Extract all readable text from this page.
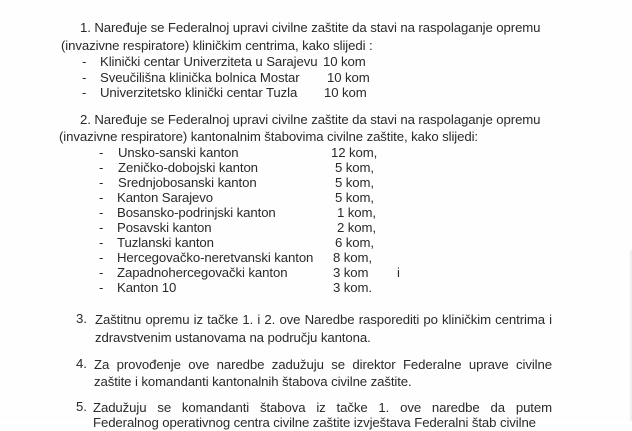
1. Naređuje se Federalnoj upravi civilne zaštite da stavi na raspolaganje opremu
(invazivne respiratore) kliničkim centrima, kako slijedi :
- Klinički centar Univerziteta u Sarajevu 10 kom
- Sveučilišna klinička bolnica Mostar 10 kom
- Univerzitetsko klinički centar Tuzla 10 kom
2. Naređuje se Federalnoj upravi civilne zaštite da stavi na raspolaganje opremu
(invazivne respiratore) kantonalnim štabovima civilne zaštite, kako slijedi:
- Unsko-sanski kanton	12 kom,
- Zeničko-dobojski kanton	5 kom,
- Srednjobosanski kanton	5 kom,
- Kanton Sarajevo	5 kom,
- Bosansko-podrinjski kanton	1 kom,
- Posavski kanton	2 kom,
- Tuzlanski kanton	6 kom,
- Hercegovačko-neretvanski kanton 8 kom,
- Zapadnohercegovački kanton	3 kom i
- Kanton 10	3 kom.
3. Zaštitnu opremu iz tačke 1. i 2. ove Naredbe rasporediti po kliničkim centrima i
zdravstvenim ustanovama na području kantona.
4. Za provođenje ove naredbe zadužuju se direktor Federalne uprave civilne
zaštite i komandanti kantonalnih štabova civilne zaštite.
5. Zadužuju se komandanti štabova iz tačke 1. ove naredbe da putem
Federalnog operativnog centra civilne zaštite izvještava Federalni štab civilne
